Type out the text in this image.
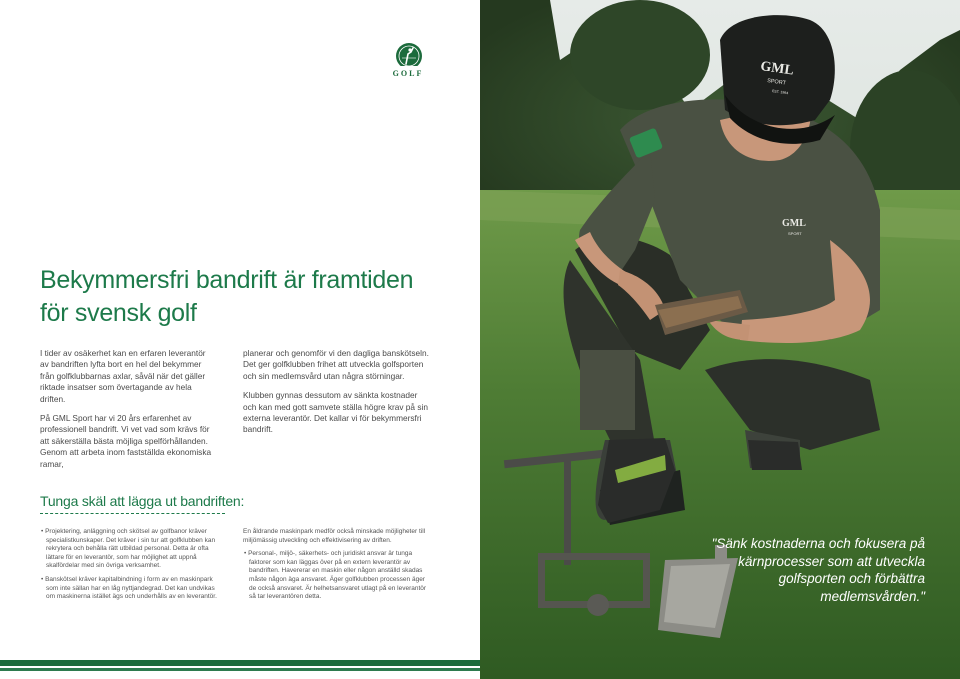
GOLF
Bekymmersfri bandrift är framtiden
för svensk golf

I tider av osäkerhet kan en erfaren leverantör av bandriften lyfta bort en hel del bekymmer från golfklubbarnas axlar, såväl när det gäller riktade insatser som övertagande av hela driften.

På GML Sport har vi 20 års erfarenhet av professionell bandrift. Vi vet vad som krävs för att säkerställa bästa möjliga spelförhållanden. Genom att arbeta inom fastställda ekonomiska ramar,

planerar och genomför vi den dagliga banskötseln. Det ger golfklubben frihet att utveckla golfsporten och sin medlemsvård utan några störningar.

Klubben gynnas dessutom av sänkta kostnader och kan med gott samvete ställa högre krav på sin externa leverantör. Det kallar vi för bekymmersfri bandrift.

Tunga skäl att lägga ut bandriften:
• Projektering, anläggning och skötsel av golfbanor kräver specialistkunskaper. Det kräver i sin tur att golfklubben kan rekrytera och behålla rätt utbildad personal. Detta är ofta lättare för en leverantör, som har möjlighet att uppnå skalfördelar med sin övriga verksamhet.
• Banskötsel kräver kapitalbindning i form av en maskinpark som inte sällan har en låg nyttjandegrad. Det kan undvikas om maskinerna istället ägs och underhålls av en leverantör.
En åldrande maskinpark medför också minskade möjligheter till miljömässig utveckling och effektivisering av driften.
• Personal-, miljö-, säkerhets- och juridiskt ansvar är tunga faktorer som kan läggas över på en extern leverantör av bandriften. Havererar en maskin eller någon anställd skadas måste någon äga ansvaret. Äger golfklubben processen äger de också ansvaret. Är helhetsansvaret utlagt på en leverantör så tar leverantören detta.
GML
SPORT
EST. 1994
GML
SPORT
"Sänk kostnaderna och fokusera på kärnprocesser som att utveckla golfsporten och förbättra medlemsvården."
